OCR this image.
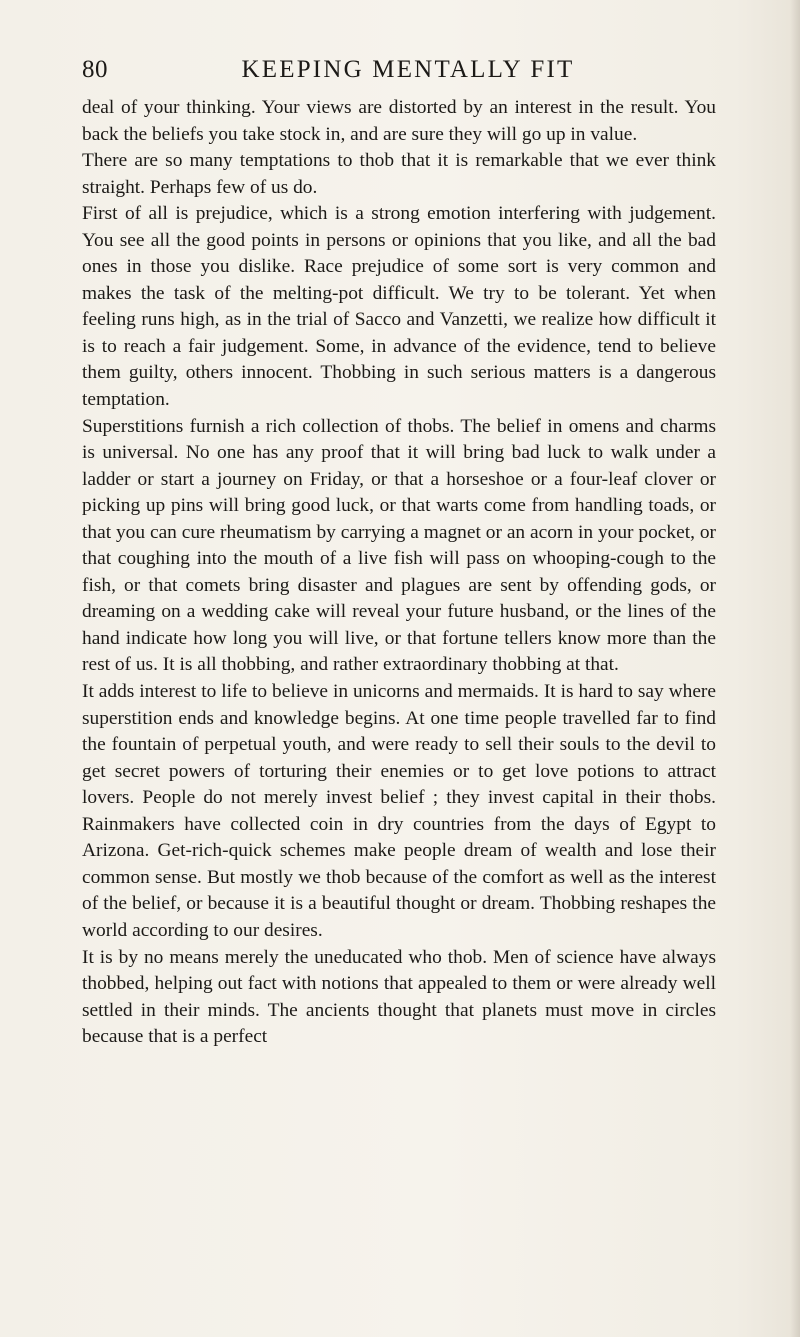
80	KEEPING MENTALLY FIT

deal of your thinking. Your views are distorted by an interest in the result. You back the beliefs you take stock in, and are sure they will go up in value.

There are so many temptations to thob that it is remarkable that we ever think straight. Perhaps few of us do.

First of all is prejudice, which is a strong emotion interfering with judgement. You see all the good points in persons or opinions that you like, and all the bad ones in those you dislike. Race prejudice of some sort is very common and makes the task of the melting-pot difficult. We try to be tolerant. Yet when feeling runs high, as in the trial of Sacco and Vanzetti, we realize how difficult it is to reach a fair judgement. Some, in advance of the evidence, tend to believe them guilty, others innocent. Thobbing in such serious matters is a dangerous temptation.

Superstitions furnish a rich collection of thobs. The belief in omens and charms is universal. No one has any proof that it will bring bad luck to walk under a ladder or start a journey on Friday, or that a horseshoe or a four-leaf clover or picking up pins will bring good luck, or that warts come from handling toads, or that you can cure rheumatism by carrying a magnet or an acorn in your pocket, or that coughing into the mouth of a live fish will pass on whooping-cough to the fish, or that comets bring disaster and plagues are sent by offending gods, or dreaming on a wedding cake will reveal your future husband, or the lines of the hand indicate how long you will live, or that fortune tellers know more than the rest of us. It is all thobbing, and rather extraordinary thobbing at that.

It adds interest to life to believe in unicorns and mermaids. It is hard to say where superstition ends and knowledge begins. At one time people travelled far to find the fountain of perpetual youth, and were ready to sell their souls to the devil to get secret powers of torturing their enemies or to get love potions to attract lovers. People do not merely invest belief ; they invest capital in their thobs. Rainmakers have collected coin in dry countries from the days of Egypt to Arizona. Get-rich-quick schemes make people dream of wealth and lose their common sense. But mostly we thob because of the comfort as well as the interest of the belief, or because it is a beautiful thought or dream. Thobbing reshapes the world according to our desires.

It is by no means merely the uneducated who thob. Men of science have always thobbed, helping out fact with notions that appealed to them or were already well settled in their minds. The ancients thought that planets must move in circles because that is a perfect
